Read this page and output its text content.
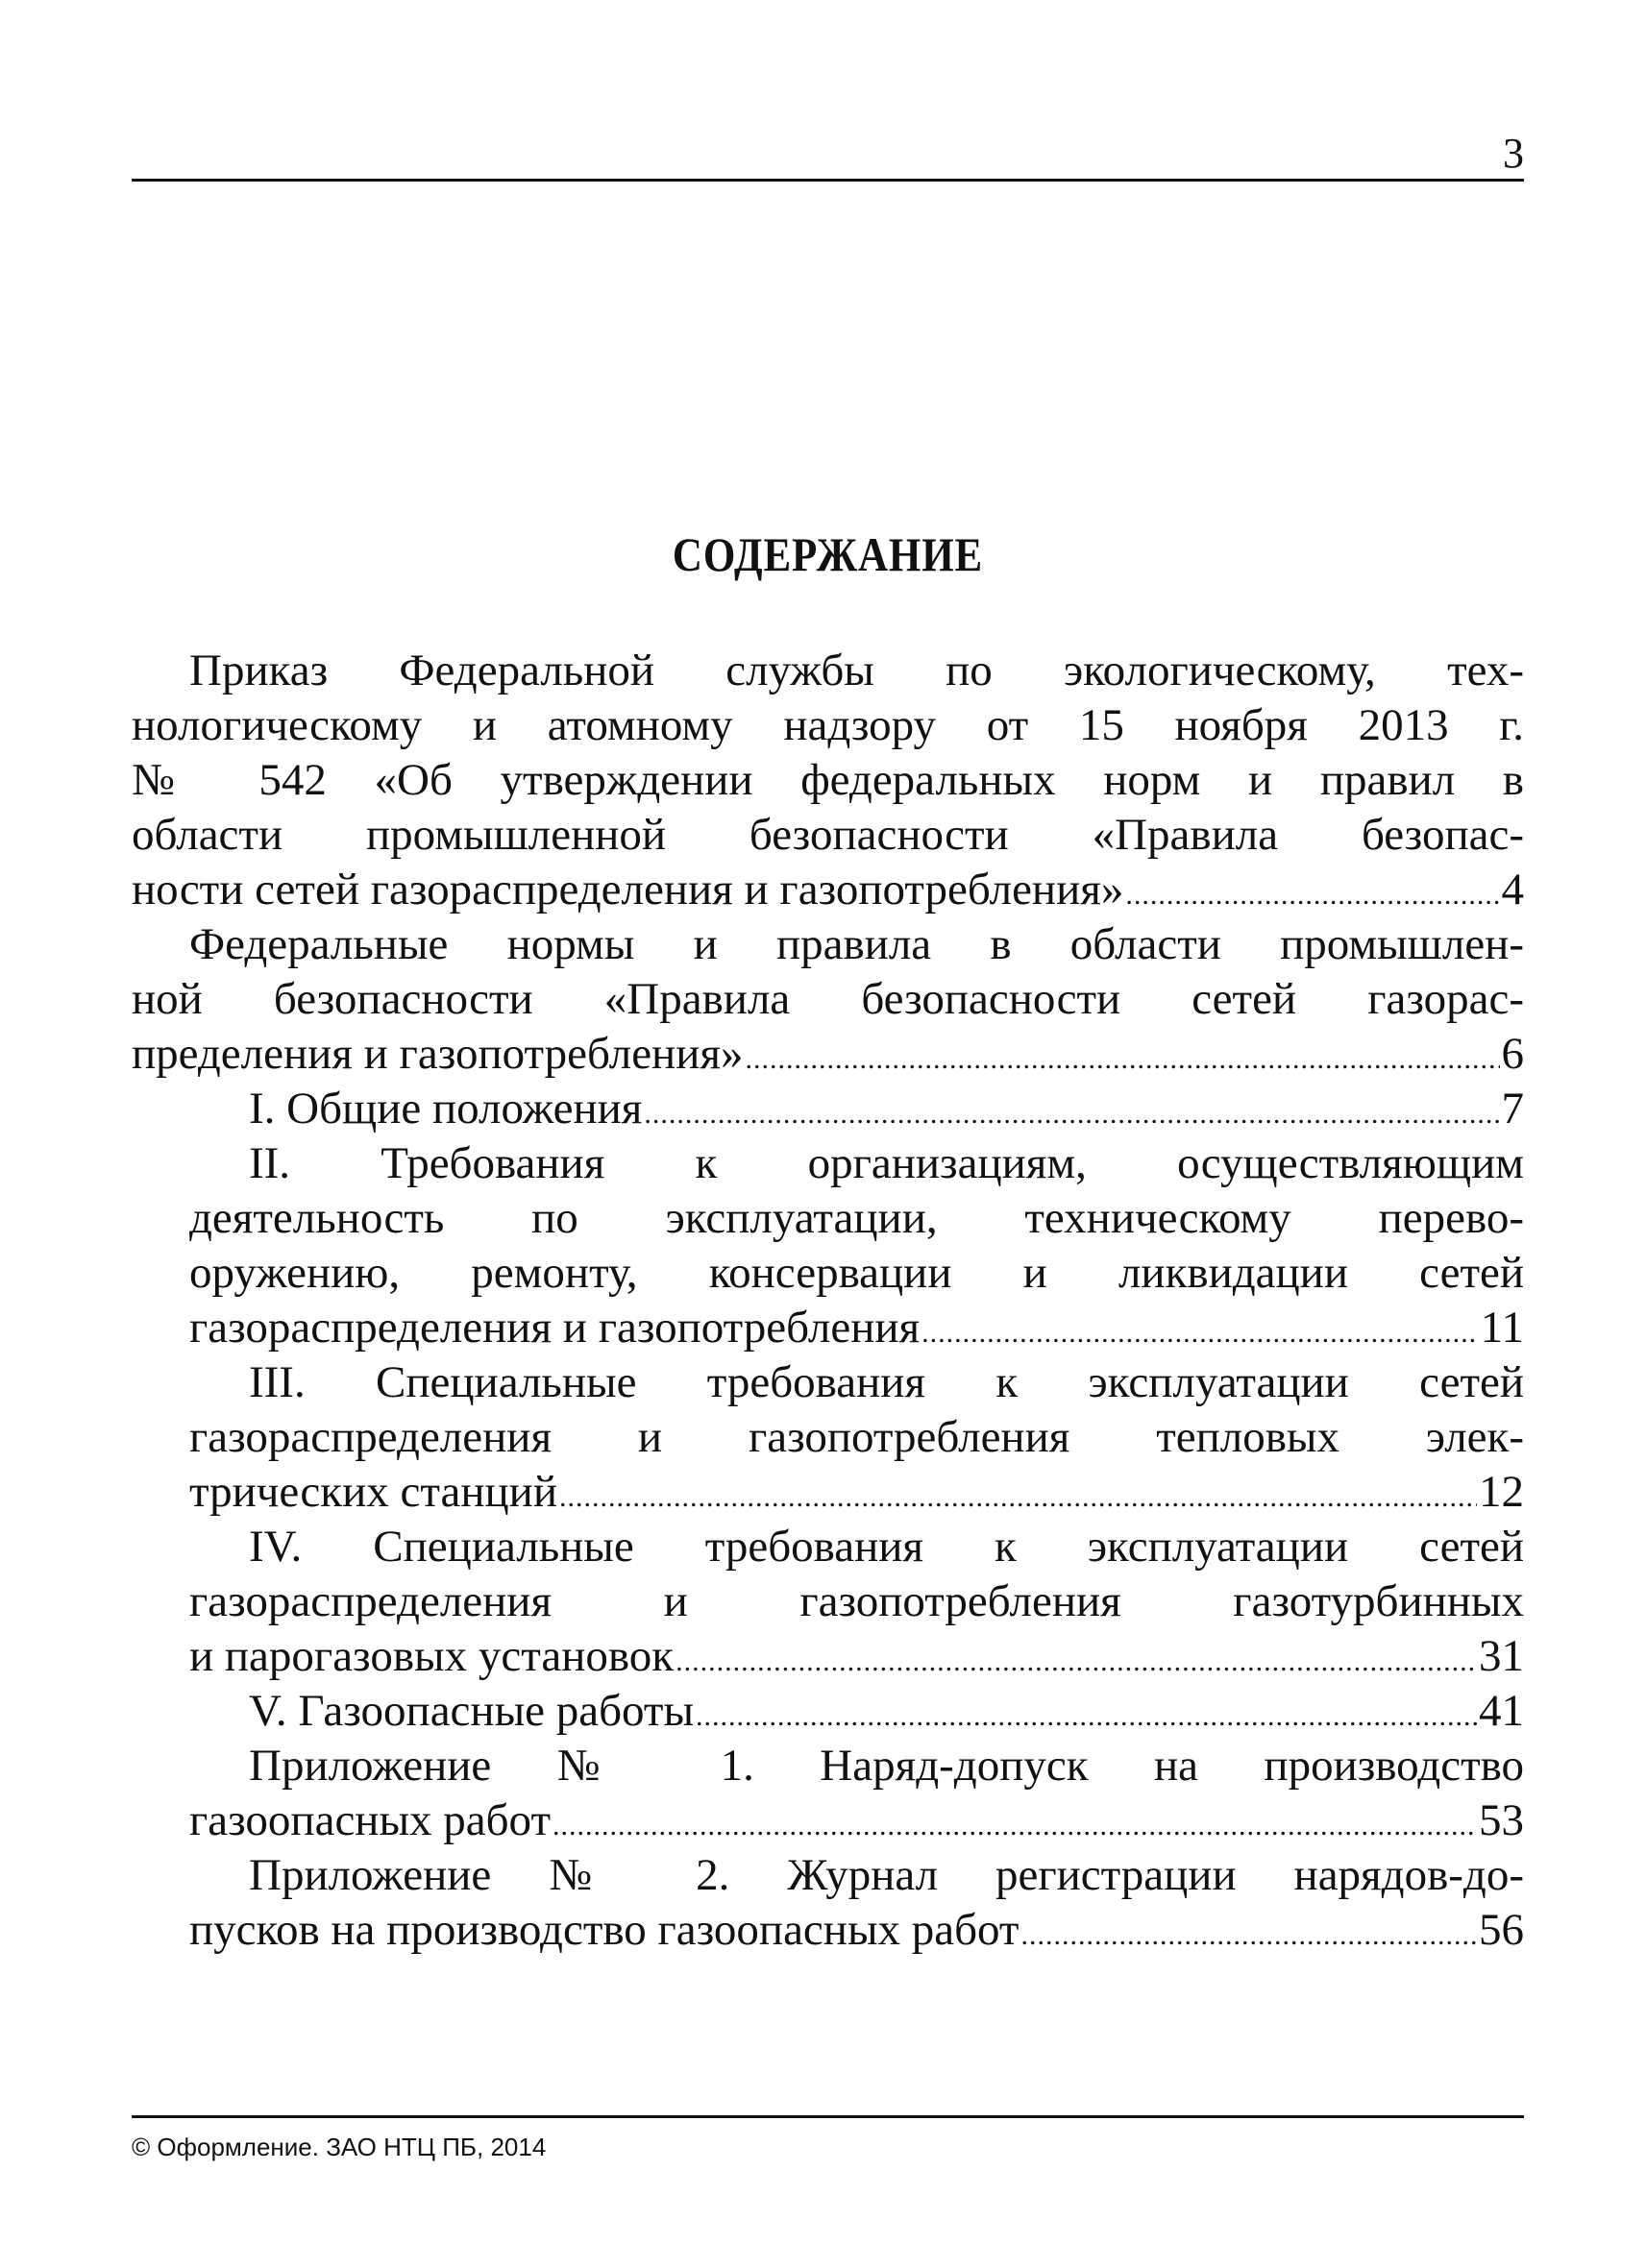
3
СОДЕРЖАНИЕ
Приказ Федеральной службы по экологическому, тех-
нологическому и атомному надзору от 15 ноября 2013 г.
№ 542 «Об утверждении федеральных норм и правил в
области промышленной безопасности «Правила безопас-
ности сетей газораспределения и газопотребления» .....	4
Федеральные нормы и правила в области промышлен-
ной безопасности «Правила безопасности сетей газорас-
пределения и газопотребления» .....	6
I. Общие положения .....	7
II. Требования к организациям, осуществляющим
деятельность по эксплуатации, техническому перево-
оружению, ремонту, консервации и ликвидации сетей
газораспределения и газопотребления .....	11
III. Специальные требования к эксплуатации сетей
газораспределения и газопотребления тепловых элек-
трических станций .....	12
IV. Специальные требования к эксплуатации сетей
газораспределения и газопотребления газотурбинных
и парогазовых установок .....	31
V. Газоопасные работы .....	41
Приложение № 1. Наряд-допуск на производство
газоопасных работ .....	53
Приложение № 2. Журнал регистрации нарядов-до-
пусков на производство газоопасных работ .....	56
© Оформление. ЗАО НТЦ ПБ, 2014
